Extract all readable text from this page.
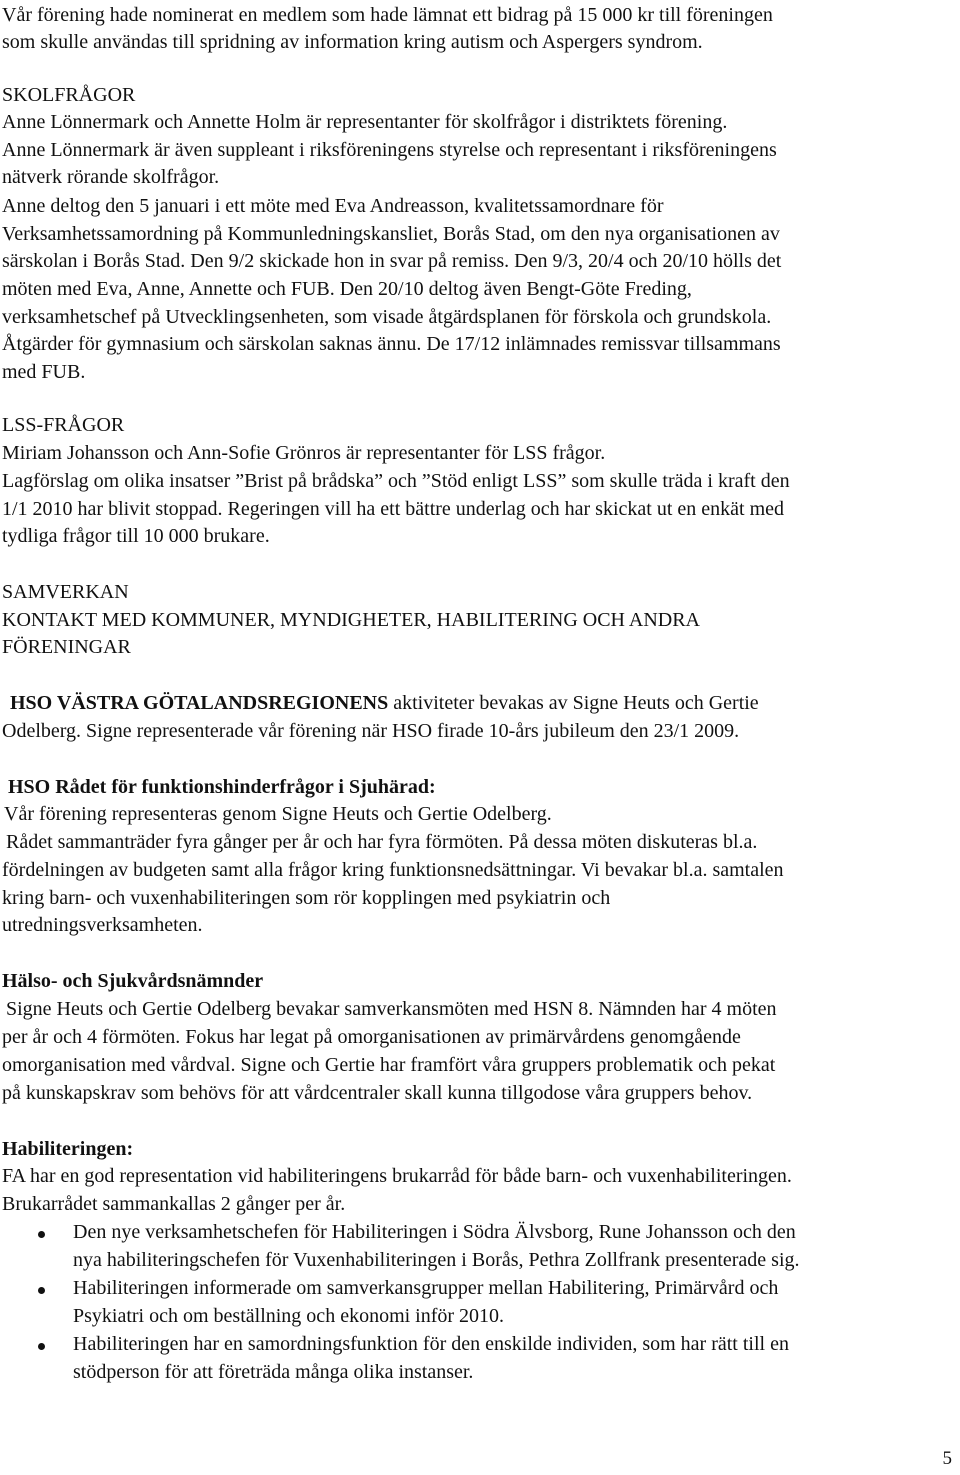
Vår förening hade nominerat en medlem som hade lämnat ett bidrag på 15 000 kr till föreningen
som skulle användas till spridning av information kring autism och Aspergers syndrom.
SKOLFRÅGOR
Anne Lönnermark och Annette Holm är representanter för skolfrågor i distriktets förening.
Anne Lönnermark är även suppleant i riksföreningens styrelse och representant i riksföreningens
nätverk rörande skolfrågor.
Anne deltog den 5 januari i ett möte med Eva Andreasson, kvalitetssamordnare för
Verksamhetssamordning på Kommunledningskansliet, Borås Stad, om den nya organisationen av
särskolan i Borås Stad. Den 9/2 skickade hon in svar på remiss. Den 9/3, 20/4 och 20/10 hölls det
möten med Eva, Anne, Annette och FUB. Den 20/10 deltog även Bengt-Göte Freding,
verksamhetschef på Utvecklingsenheten, som visade åtgärdsplanen för förskola och grundskola.
Åtgärder för gymnasium och särskolan saknas ännu. De 17/12 inlämnades remissvar tillsammans
med FUB.
LSS-FRÅGOR
Miriam Johansson och Ann-Sofie Grönros är representanter för LSS frågor.
Lagförslag om olika insatser ”Brist på brådska” och ”Stöd enligt LSS” som skulle träda i kraft den
1/1 2010 har blivit stoppad. Regeringen vill ha ett bättre underlag och har skickat ut en enkät med
tydliga frågor till 10 000 brukare.
SAMVERKAN
KONTAKT MED KOMMUNER, MYNDIGHETER, HABILITERING OCH ANDRA
FÖRENINGAR
HSO VÄSTRA GÖTALANDSREGIONENS aktiviteter bevakas av Signe Heuts och Gertie
Odelberg. Signe representerade vår förening när HSO firade 10-års jubileum den 23/1 2009.
HSO Rådet för funktionshinderfrågor i Sjuhärad:
Vår förening representeras genom Signe Heuts och Gertie Odelberg.
Rådet sammanträder fyra gånger per år och har fyra förmöten. På dessa möten diskuteras bl.a.
fördelningen av budgeten samt alla frågor kring funktionsnedsättningar. Vi bevakar bl.a. samtalen
kring barn- och vuxenhabiliteringen som rör kopplingen med psykiatrin och
utredningsverksamheten.
Hälso- och Sjukvårdsnämnder
Signe Heuts och Gertie Odelberg bevakar samverkansmöten med HSN 8. Nämnden har 4 möten
per år och 4 förmöten. Fokus har legat på omorganisationen av primärvårdens genomgående
omorganisation med vårdval. Signe och Gertie har framfört våra gruppers problematik och pekat
på kunskapskrav som behövs för att vårdcentraler skall kunna tillgodose våra gruppers behov.
Habiliteringen:
FA har en god representation vid habiliteringens brukarråd för både barn- och vuxenhabiliteringen.
Brukarrådet sammankallas 2 gånger per år.
Den nye verksamhetschefen för Habiliteringen i Södra Älvsborg, Rune Johansson och den
nya habiliteringschefen för Vuxenhabiliteringen i Borås, Pethra Zollfrank presenterade sig.
Habiliteringen informerade om samverkansgrupper mellan Habilitering, Primärvård och
Psykiatri och om beställning och ekonomi inför 2010.
Habiliteringen har en samordningsfunktion för den enskilde individen, som har rätt till en
stödperson för att företräda många olika instanser.
5
